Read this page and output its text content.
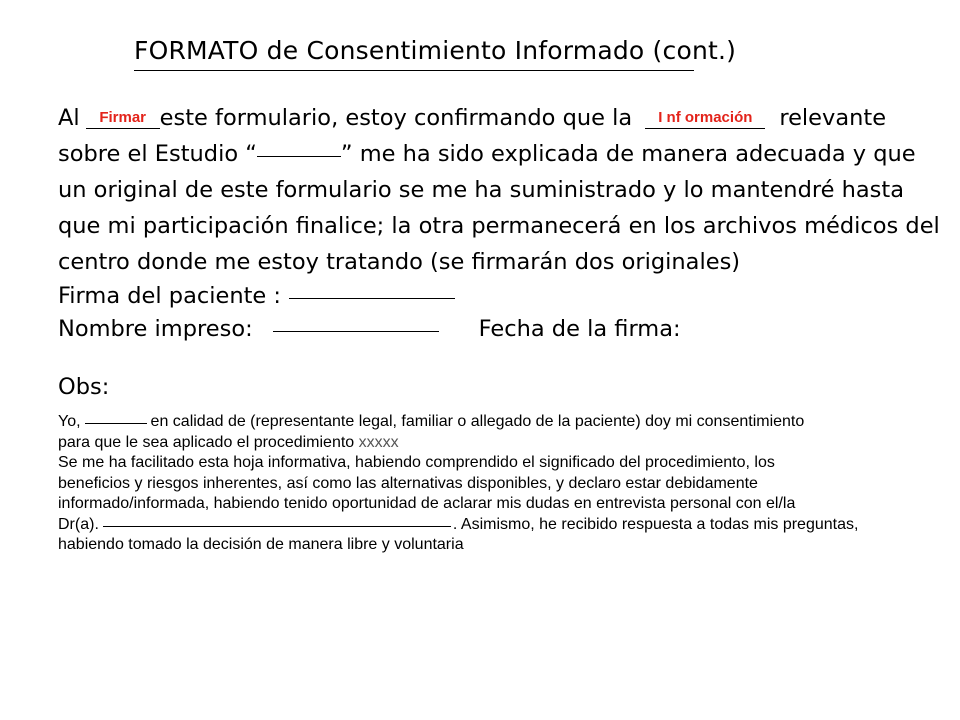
FORMATO de Consentimiento Informado (cont.)
Al Firmar este formulario, estoy confirmando que la I nf ormación relevante
sobre el Estudio “	” me ha sido explicada de manera adecuada y que
un original de este formulario se me ha suministrado y lo mantendré hasta
que mi participación finalice; la otra permanecerá en los archivos médicos del
centro donde me estoy tratando (se firmarán dos originales)
Firma del paciente :
Nombre impreso:	Fecha de la firma:
Obs:
Yo,	en calidad de (representante legal, familiar o allegado de la paciente) doy mi consentimiento
para que le sea aplicado el procedimiento xxxxx
Se me ha facilitado esta hoja informativa, habiendo comprendido el significado del procedimiento, los
beneficios y riesgos inherentes, así como las alternativas disponibles, y declaro estar debidamente
informado/informada, habiendo tenido oportunidad de aclarar mis dudas en entrevista personal con el/la
Dr(a).	. Asimismo, he recibido respuesta a todas mis preguntas,
habiendo tomado la decisión de manera libre y voluntaria
